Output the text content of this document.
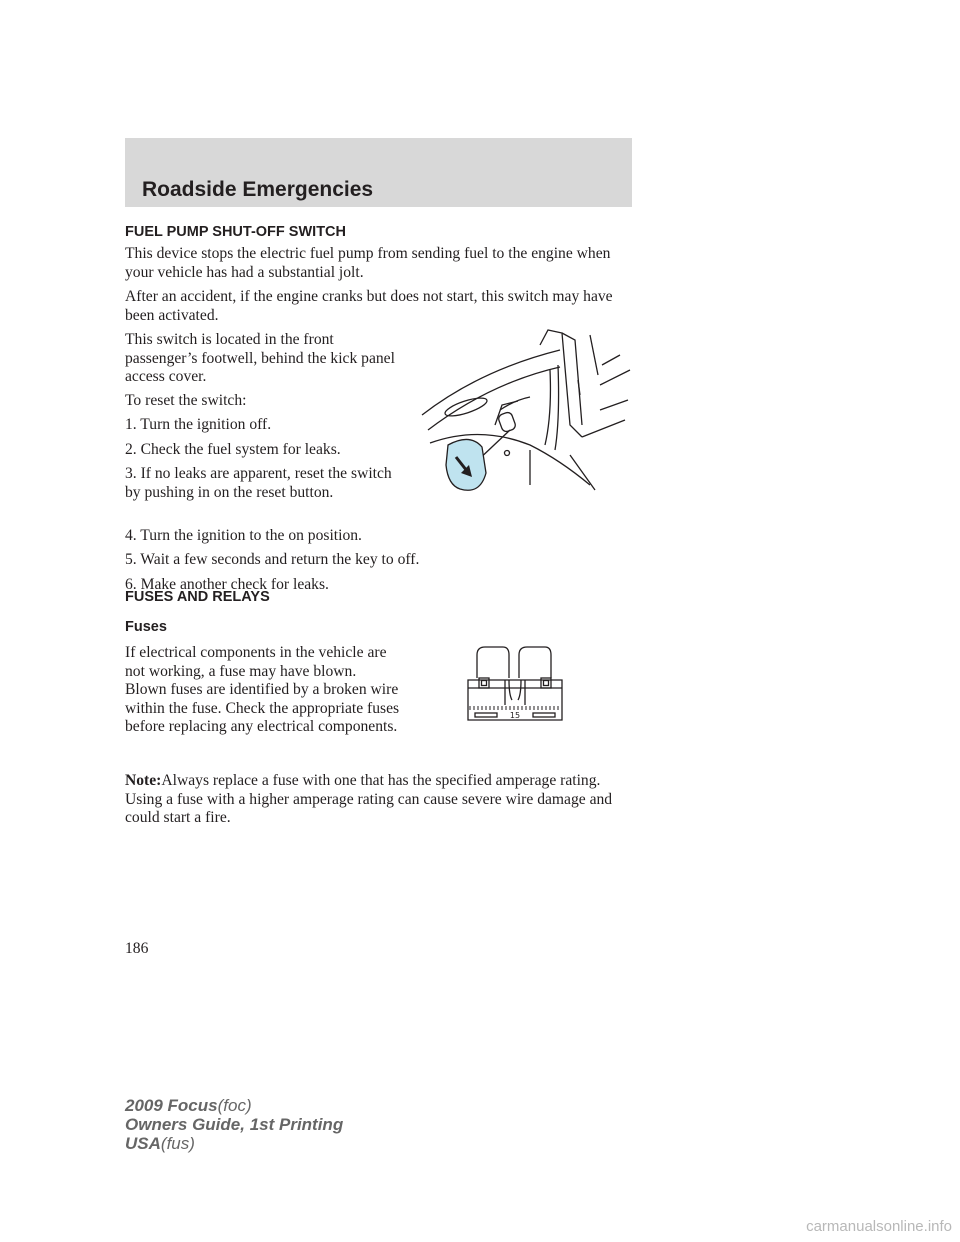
Roadside Emergencies
FUEL PUMP SHUT-OFF SWITCH

This device stops the electric fuel pump from sending fuel to the engine when your vehicle has had a substantial jolt.

After an accident, if the engine cranks but does not start, this switch may have been activated.

This switch is located in the front passenger’s footwell, behind the kick panel access cover.

To reset the switch:

1. Turn the ignition off.

2. Check the fuel system for leaks.

3. If no leaks are apparent, reset the switch by pushing in on the reset button.

4. Turn the ignition to the on position.

5. Wait a few seconds and return the key to off.

6. Make another check for leaks.

FUSES AND RELAYS
Fuses

If electrical components in the vehicle are not working, a fuse may have blown. Blown fuses are identified by a broken wire within the fuse. Check the appropriate fuses before replacing any electrical components.

15

Note:Always replace a fuse with one that has the specified amperage rating. Using a fuse with a higher amperage rating can cause severe wire damage and could start a fire.

186
2009 Focus(foc)
Owners Guide, 1st Printing
USA(fus)
carmanualsonline.info
